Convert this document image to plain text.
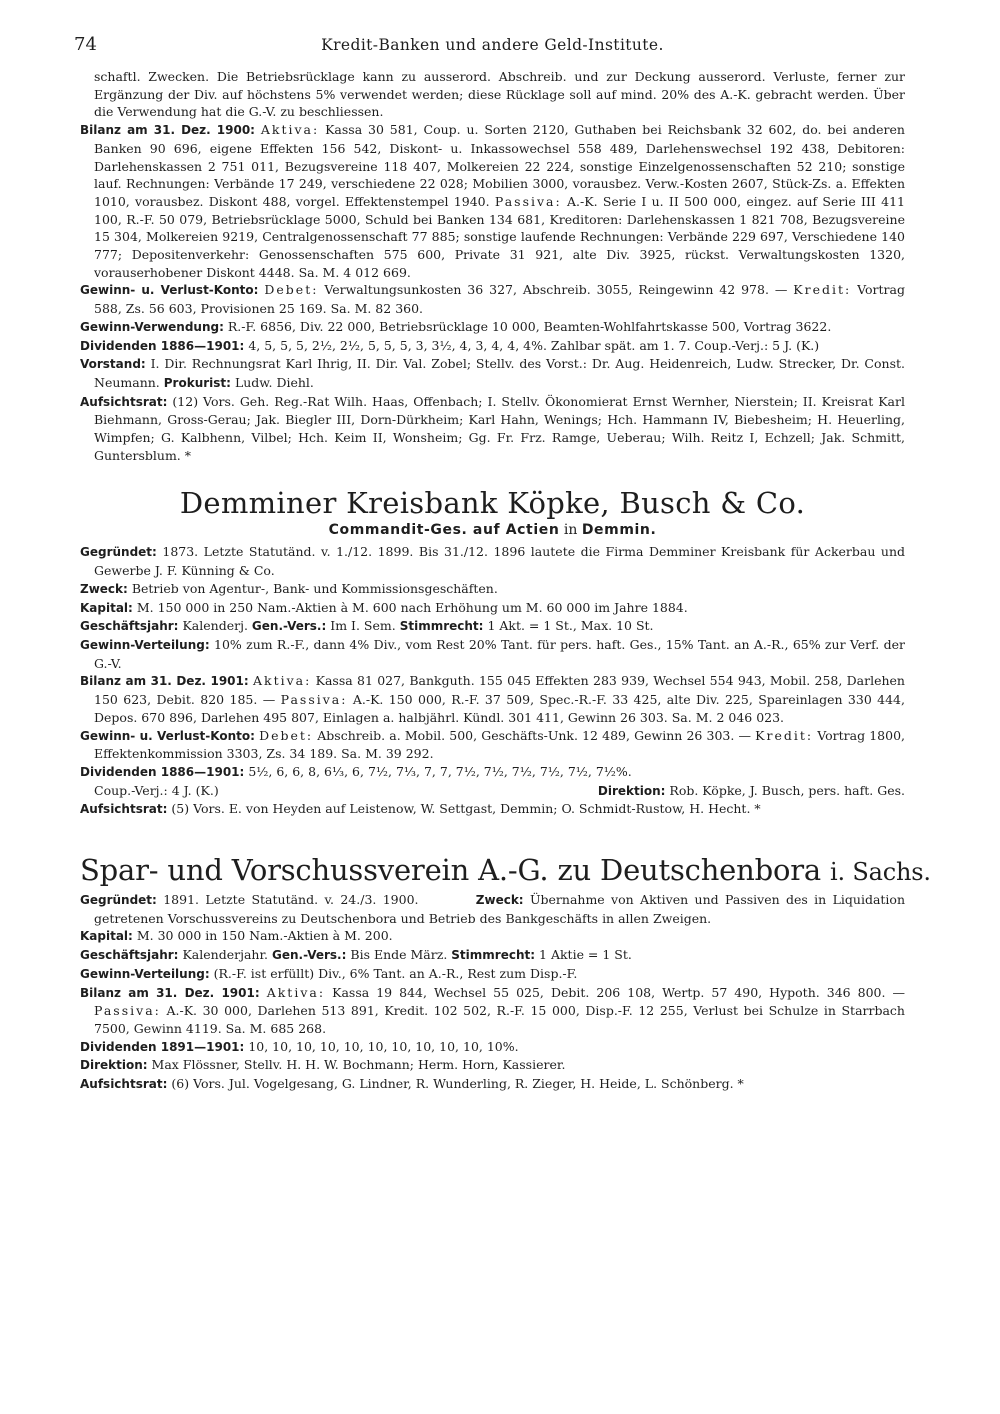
74	Kredit-Banken und andere Geld-Institute.

schaftl. Zwecken. Die Betriebsrücklage kann zu ausserord. Abschreib. und zur Deckung ausserord. Verluste, ferner zur Ergänzung der Div. auf höchstens 5% verwendet werden; diese Rücklage soll auf mind. 20% des A.-K. gebracht werden. Über die Verwendung hat die G.-V. zu beschliessen.

Bilanz am 31. Dez. 1900: Aktiva: Kassa 30 581, Coup. u. Sorten 2120, Guthaben bei Reichsbank 32 602, do. bei anderen Banken 90 696, eigene Effekten 156 542, Diskont- u. Inkassowechsel 558 489, Darlehenswechsel 192 438, Debitoren: Darlehenskassen 2 751 011, Bezugsvereine 118 407, Molkereien 22 224, sonstige Einzelgenossenschaften 52 210; sonstige lauf. Rechnungen: Verbände 17 249, verschiedene 22 028; Mobilien 3000, vorausbez. Verw.-Kosten 2607, Stück-Zs. a. Effekten 1010, vorausbez. Diskont 488, vorgel. Effektenstempel 1940. Passiva: A.-K. Serie I u. II 500 000, eingez. auf Serie III 411 100, R.-F. 50 079, Betriebsrücklage 5000, Schuld bei Banken 134 681, Kreditoren: Darlehenskassen 1 821 708, Bezugsvereine 15 304, Molkereien 9219, Centralgenossenschaft 77 885; sonstige laufende Rechnungen: Verbände 229 697, Verschiedene 140 777; Depositenverkehr: Genossenschaften 575 600, Private 31 921, alte Div. 3925, rückst. Verwaltungskosten 1320, vorauserhobener Diskont 4448. Sa. M. 4 012 669.

Gewinn- u. Verlust-Konto: Debet: Verwaltungsunkosten 36 327, Abschreib. 3055, Reingewinn 42 978. — Kredit: Vortrag 588, Zs. 56 603, Provisionen 25 169. Sa. M. 82 360.

Gewinn-Verwendung: R.-F. 6856, Div. 22 000, Betriebsrücklage 10 000, Beamten-Wohlfahrtskasse 500, Vortrag 3622.

Dividenden 1886—1901: 4, 5, 5, 5, 2½, 2½, 5, 5, 5, 3, 3½, 4, 3, 4, 4, 4%. Zahlbar spät. am 1. 7. Coup.-Verj.: 5 J. (K.)

Vorstand: I. Dir. Rechnungsrat Karl Ihrig, II. Dir. Val. Zobel; Stellv. des Vorst.: Dr. Aug. Heidenreich, Ludw. Strecker, Dr. Const. Neumann. Prokurist: Ludw. Diehl.

Aufsichtsrat: (12) Vors. Geh. Reg.-Rat Wilh. Haas, Offenbach; I. Stellv. Ökonomierat Ernst Wernher, Nierstein; II. Kreisrat Karl Biehmann, Gross-Gerau; Jak. Biegler III, Dorn-Dürkheim; Karl Hahn, Wenings; Hch. Hammann IV, Biebesheim; H. Heuerling, Wimpfen; G. Kalbhenn, Vilbel; Hch. Keim II, Wonsheim; Gg. Fr. Frz. Ramge, Ueberau; Wilh. Reitz I, Echzell; Jak. Schmitt, Guntersblum. *

Demminer Kreisbank Köpke, Busch & Co.
Commandit-Ges. auf Actien in Demmin.

Gegründet: 1873. Letzte Statutänd. v. 1./12. 1899. Bis 31./12. 1896 lautete die Firma Demminer Kreisbank für Ackerbau und Gewerbe J. F. Künning & Co.

Zweck: Betrieb von Agentur-, Bank- und Kommissionsgeschäften.

Kapital: M. 150 000 in 250 Nam.-Aktien à M. 600 nach Erhöhung um M. 60 000 im Jahre 1884.

Geschäftsjahr: Kalenderj. Gen.-Vers.: Im I. Sem. Stimmrecht: 1 Akt. = 1 St., Max. 10 St.

Gewinn-Verteilung: 10% zum R.-F., dann 4% Div., vom Rest 20% Tant. für pers. haft. Ges., 15% Tant. an A.-R., 65% zur Verf. der G.-V.

Bilanz am 31. Dez. 1901: Aktiva: Kassa 81 027, Bankguth. 155 045 Effekten 283 939, Wechsel 554 943, Mobil. 258, Darlehen 150 623, Debit. 820 185. — Passiva: A.-K. 150 000, R.-F. 37 509, Spec.-R.-F. 33 425, alte Div. 225, Spareinlagen 330 444, Depos. 670 896, Darlehen 495 807, Einlagen a. halbjährl. Kündl. 301 411, Gewinn 26 303. Sa. M. 2 046 023.

Gewinn- u. Verlust-Konto: Debet: Abschreib. a. Mobil. 500, Geschäfts-Unk. 12 489, Gewinn 26 303. — Kredit: Vortrag 1800, Effektenkommission 3303, Zs. 34 189. Sa. M. 39 292.

Dividenden 1886—1901: 5½, 6, 6, 8, 6⅓, 6, 7½, 7⅓, 7, 7, 7½, 7½, 7½, 7½, 7½, 7½%.

Coup.-Verj.: 4 J. (K.)	Direktion: Rob. Köpke, J. Busch, pers. haft. Ges.

Aufsichtsrat: (5) Vors. E. von Heyden auf Leistenow, W. Settgast, Demmin; O. Schmidt-Rustow, H. Hecht. *

Spar- und Vorschussverein A.-G. zu Deutschenbora i. Sachs.

Gegründet: 1891. Letzte Statutänd. v. 24./3. 1900.	Zweck: Übernahme von Aktiven und Passiven des in Liquidation getretenen Vorschussvereins zu Deutschenbora und Betrieb des Bankgeschäfts in allen Zweigen.

Kapital: M. 30 000 in 150 Nam.-Aktien à M. 200.

Geschäftsjahr: Kalenderjahr. Gen.-Vers.: Bis Ende März. Stimmrecht: 1 Aktie = 1 St.

Gewinn-Verteilung: (R.-F. ist erfüllt) Div., 6% Tant. an A.-R., Rest zum Disp.-F.

Bilanz am 31. Dez. 1901: Aktiva: Kassa 19 844, Wechsel 55 025, Debit. 206 108, Wertp. 57 490, Hypoth. 346 800. — Passiva: A.-K. 30 000, Darlehen 513 891, Kredit. 102 502, R.-F. 15 000, Disp.-F. 12 255, Verlust bei Schulze in Starrbach 7500, Gewinn 4119. Sa. M. 685 268.

Dividenden 1891—1901: 10, 10, 10, 10, 10, 10, 10, 10, 10, 10, 10%.

Direktion: Max Flössner, Stellv. H. H. W. Bochmann; Herm. Horn, Kassierer.

Aufsichtsrat: (6) Vors. Jul. Vogelgesang, G. Lindner, R. Wunderling, R. Zieger, H. Heide, L. Schönberg. *
